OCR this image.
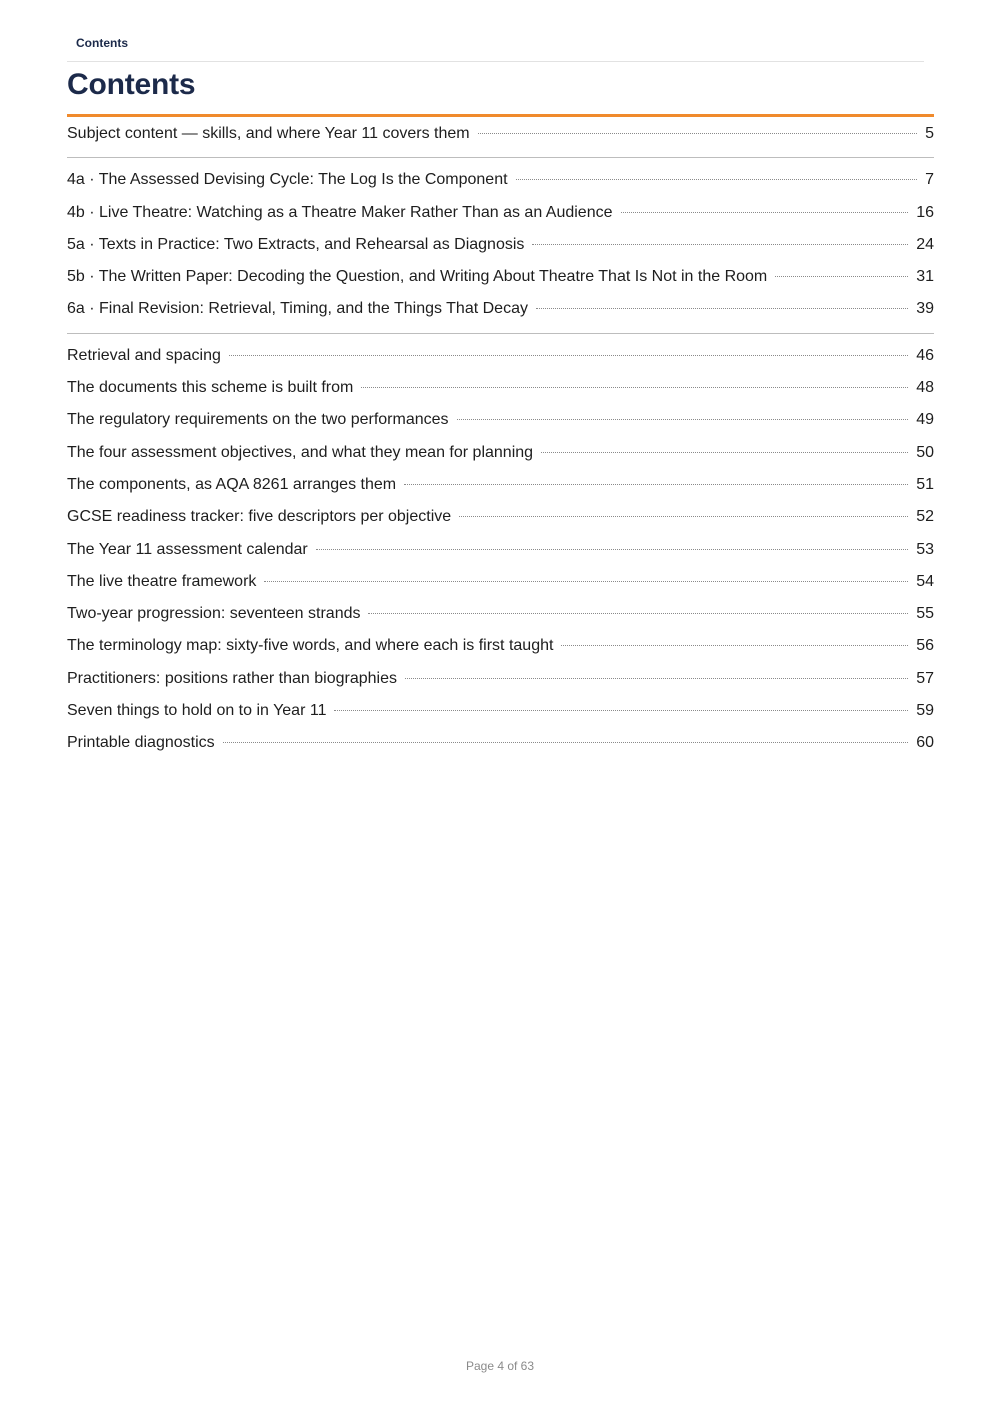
Contents
Contents
Subject content — skills, and where Year 11 covers them	5
4a · The Assessed Devising Cycle: The Log Is the Component	7
4b · Live Theatre: Watching as a Theatre Maker Rather Than as an Audience	16
5a · Texts in Practice: Two Extracts, and Rehearsal as Diagnosis	24
5b · The Written Paper: Decoding the Question, and Writing About Theatre That Is Not in the Room	31
6a · Final Revision: Retrieval, Timing, and the Things That Decay	39
Retrieval and spacing	46
The documents this scheme is built from	48
The regulatory requirements on the two performances	49
The four assessment objectives, and what they mean for planning	50
The components, as AQA 8261 arranges them	51
GCSE readiness tracker: five descriptors per objective	52
The Year 11 assessment calendar	53
The live theatre framework	54
Two-year progression: seventeen strands	55
The terminology map: sixty-five words, and where each is first taught	56
Practitioners: positions rather than biographies	57
Seven things to hold on to in Year 11	59
Printable diagnostics	60
Page 4 of 63
